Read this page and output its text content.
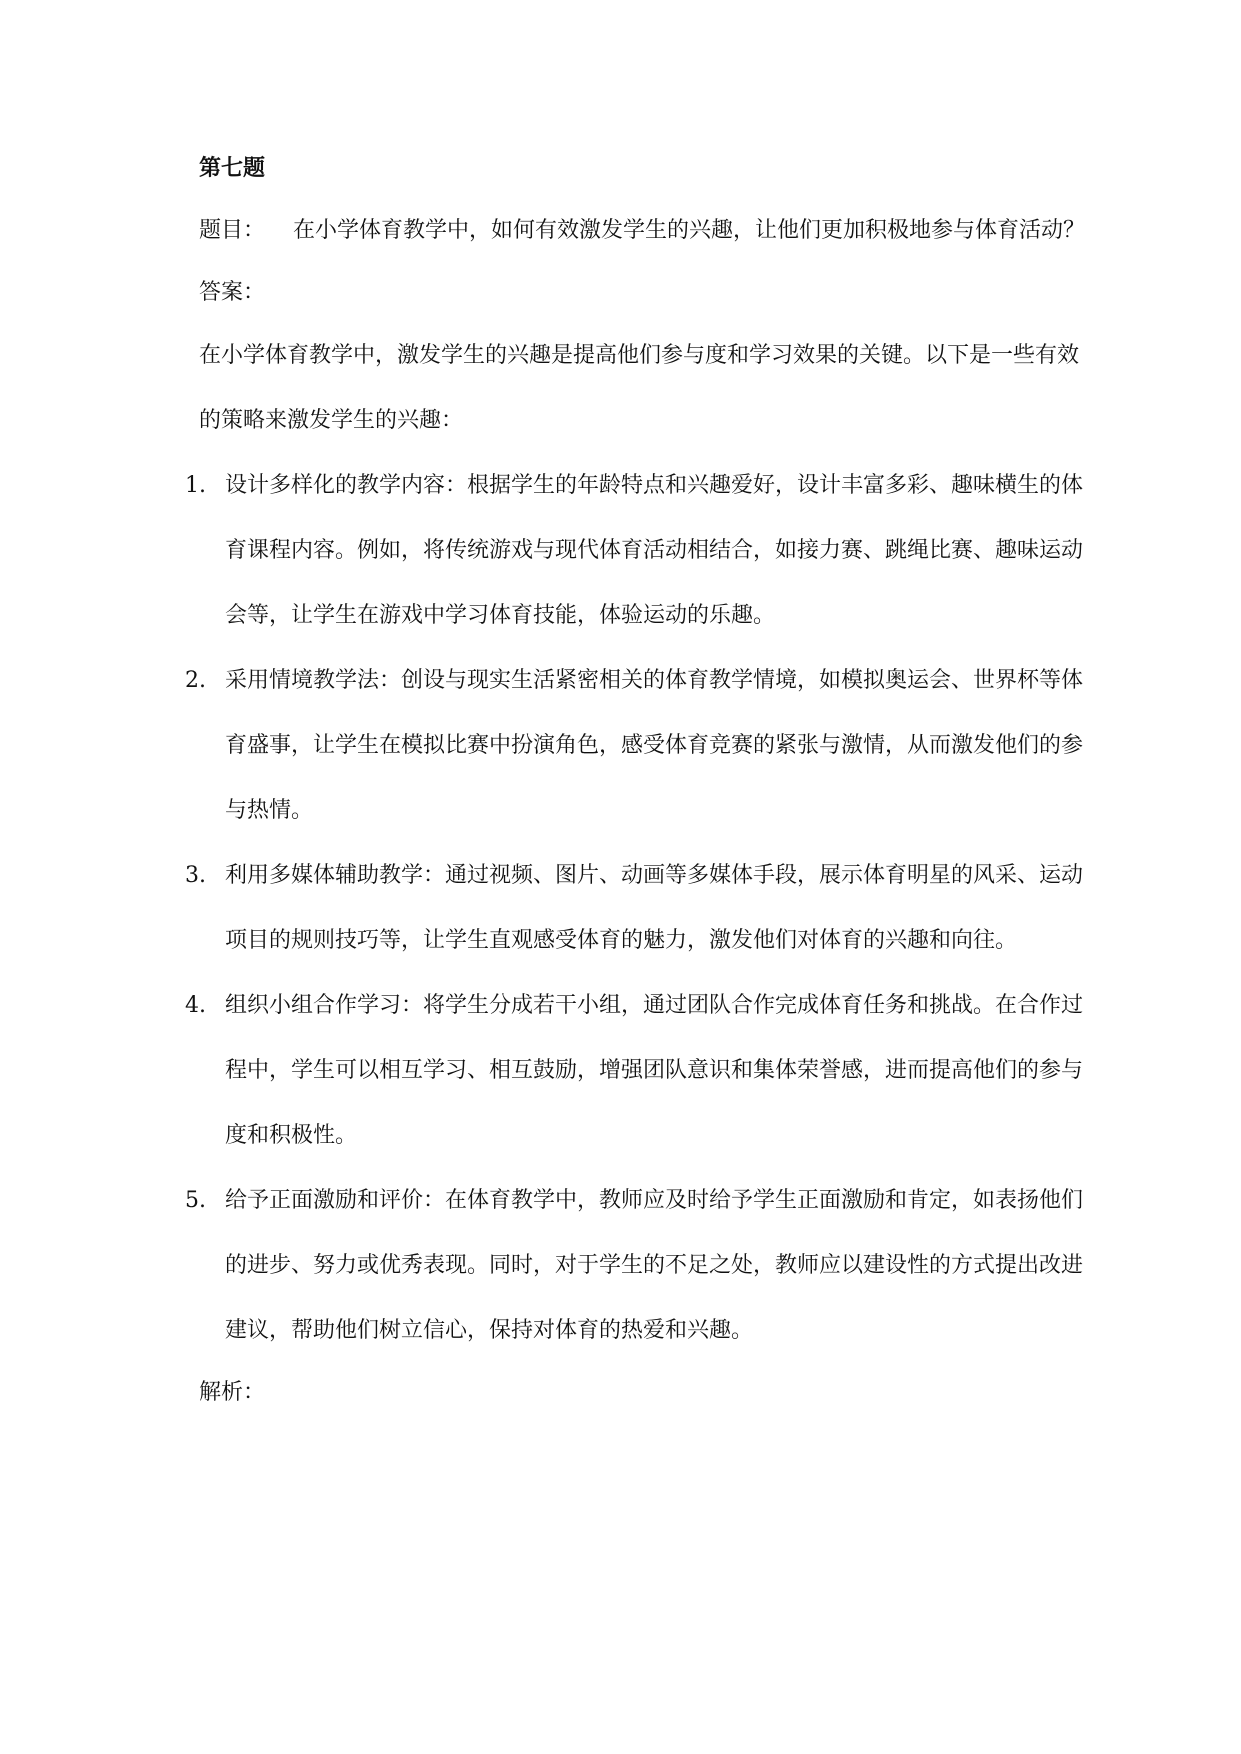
第七题

题目： 在小学体育教学中，如何有效激发学生的兴趣，让他们更加积极地参与体育活动？

答案：

在小学体育教学中，激发学生的兴趣是提高他们参与度和学习效果的关键。以下是一些有效的策略来激发学生的兴趣：

1. 设计多样化的教学内容：根据学生的年龄特点和兴趣爱好，设计丰富多彩、趣味横生的体育课程内容。例如，将传统游戏与现代体育活动相结合，如接力赛、跳绳比赛、趣味运动会等，让学生在游戏中学习体育技能，体验运动的乐趣。
2. 采用情境教学法：创设与现实生活紧密相关的体育教学情境，如模拟奥运会、世界杯等体育盛事，让学生在模拟比赛中扮演角色，感受体育竞赛的紧张与激情，从而激发他们的参与热情。
3. 利用多媒体辅助教学：通过视频、图片、动画等多媒体手段，展示体育明星的风采、运动项目的规则技巧等，让学生直观感受体育的魅力，激发他们对体育的兴趣和向往。
4. 组织小组合作学习：将学生分成若干小组，通过团队合作完成体育任务和挑战。在合作过程中，学生可以相互学习、相互鼓励，增强团队意识和集体荣誉感，进而提高他们的参与度和积极性。
5. 给予正面激励和评价：在体育教学中，教师应及时给予学生正面激励和肯定，如表扬他们的进步、努力或优秀表现。同时，对于学生的不足之处，教师应以建设性的方式提出改进建议，帮助他们树立信心，保持对体育的热爱和兴趣。

解析：
